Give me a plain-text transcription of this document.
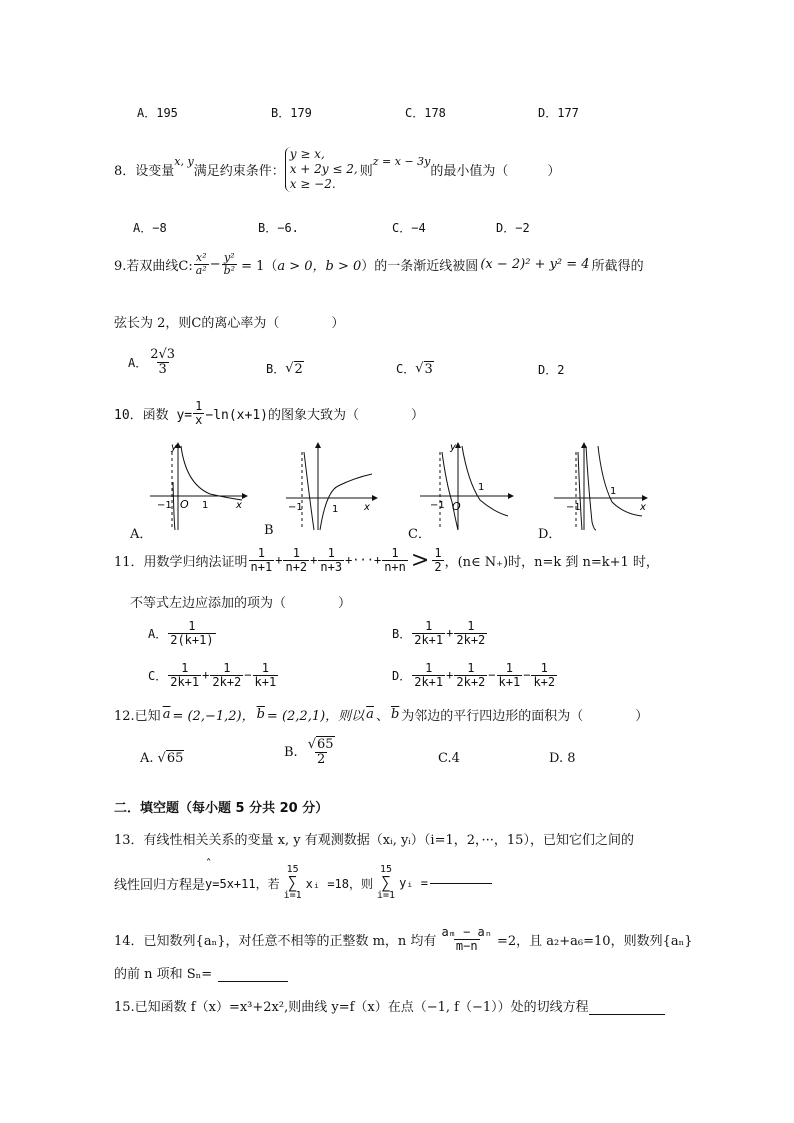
A．195	B．179	C．178	D．177
8．设变量
x, y
满足约束条件：
y ≥ x,
x + 2y ≤ 2,
x ≥ −2.
则
z = x − 3y
的最小值为（　　　）
A．−8	B．−6.	C．−4	D．−2
9.若双曲线C: $\frac{\text{x²}}{\text{a²}} - \frac{\text{y²}}{\text{b²}} = 1$（ a > 0，b > 0 ）的一条渐近线被圆 (x − 2)² + y² = 4 所截得的
弦长为 2，则C的离心率为（　　　　）
A． $\frac{2√3}{3}$	B． √ 2	C． √ 3	D．2
10．函数 $y= \frac{1}{x} -\ln(x+1)$的图象大致为（　　　　）
−1 O 1	x
y
−1	1	x	−1 O
1
y
−1
1
x
A．	B	C．	D．
11．用数学归纳法证明 $\frac{1}{n+1} + \frac{1}{n+2} + \frac{1}{n+3}$ +···+ $\frac{1}{n+n} > \frac{1}{2}$ ，(n∈ N₊)时， n=k 到 n=k+1 时，
不等式左边应添加的项为（　　　　）
A． $\frac{1}{2(k+1)}$	B． $\frac{1}{2k+1} + \frac{1}{2k+2}$
C． $\frac{1}{2k+1} + \frac{1}{2k+2} - \frac{1}{k+1}$	D． $\frac{1}{2k+1} + \frac{1}{2k+2} - \frac{1}{k+1} - \frac{1}{k+2}$
12.已知 $\overline{a} = (2,-1,2)$， $\overline{b} = (2,2,1)$，则以 $\overline{a}$ 、 $\overline{b}$ 为邻边的平行四边形的面积为（　　　　）
A. √ 65	B. $\frac{√65}{2}$	C.4	D. 8
二．填空题（每小题 5 分共 20 分）
13．有线性相关关系的变量 x, y 有观测数据（xᵢ, yᵢ）（i=1，2，···，15），已知它们之间的
线性回归方程是
ˆ
y=5x+11，若
15
∑
i=1
xᵢ =18，则
15
∑
i=1
yᵢ =
14．已知数列{aₙ}，对任意不相等的正整数 m，n 均有 $\frac{\text{aₘ − aₙ}}{m-n} =2$，且 a₂+a₆=10，则数列{aₙ}
的前 n 项和 Sₙ=
15.已知函数 f（x）=x³+2x²,则曲线 y=f（x）在点（−1, f（−1））处的切线方程
